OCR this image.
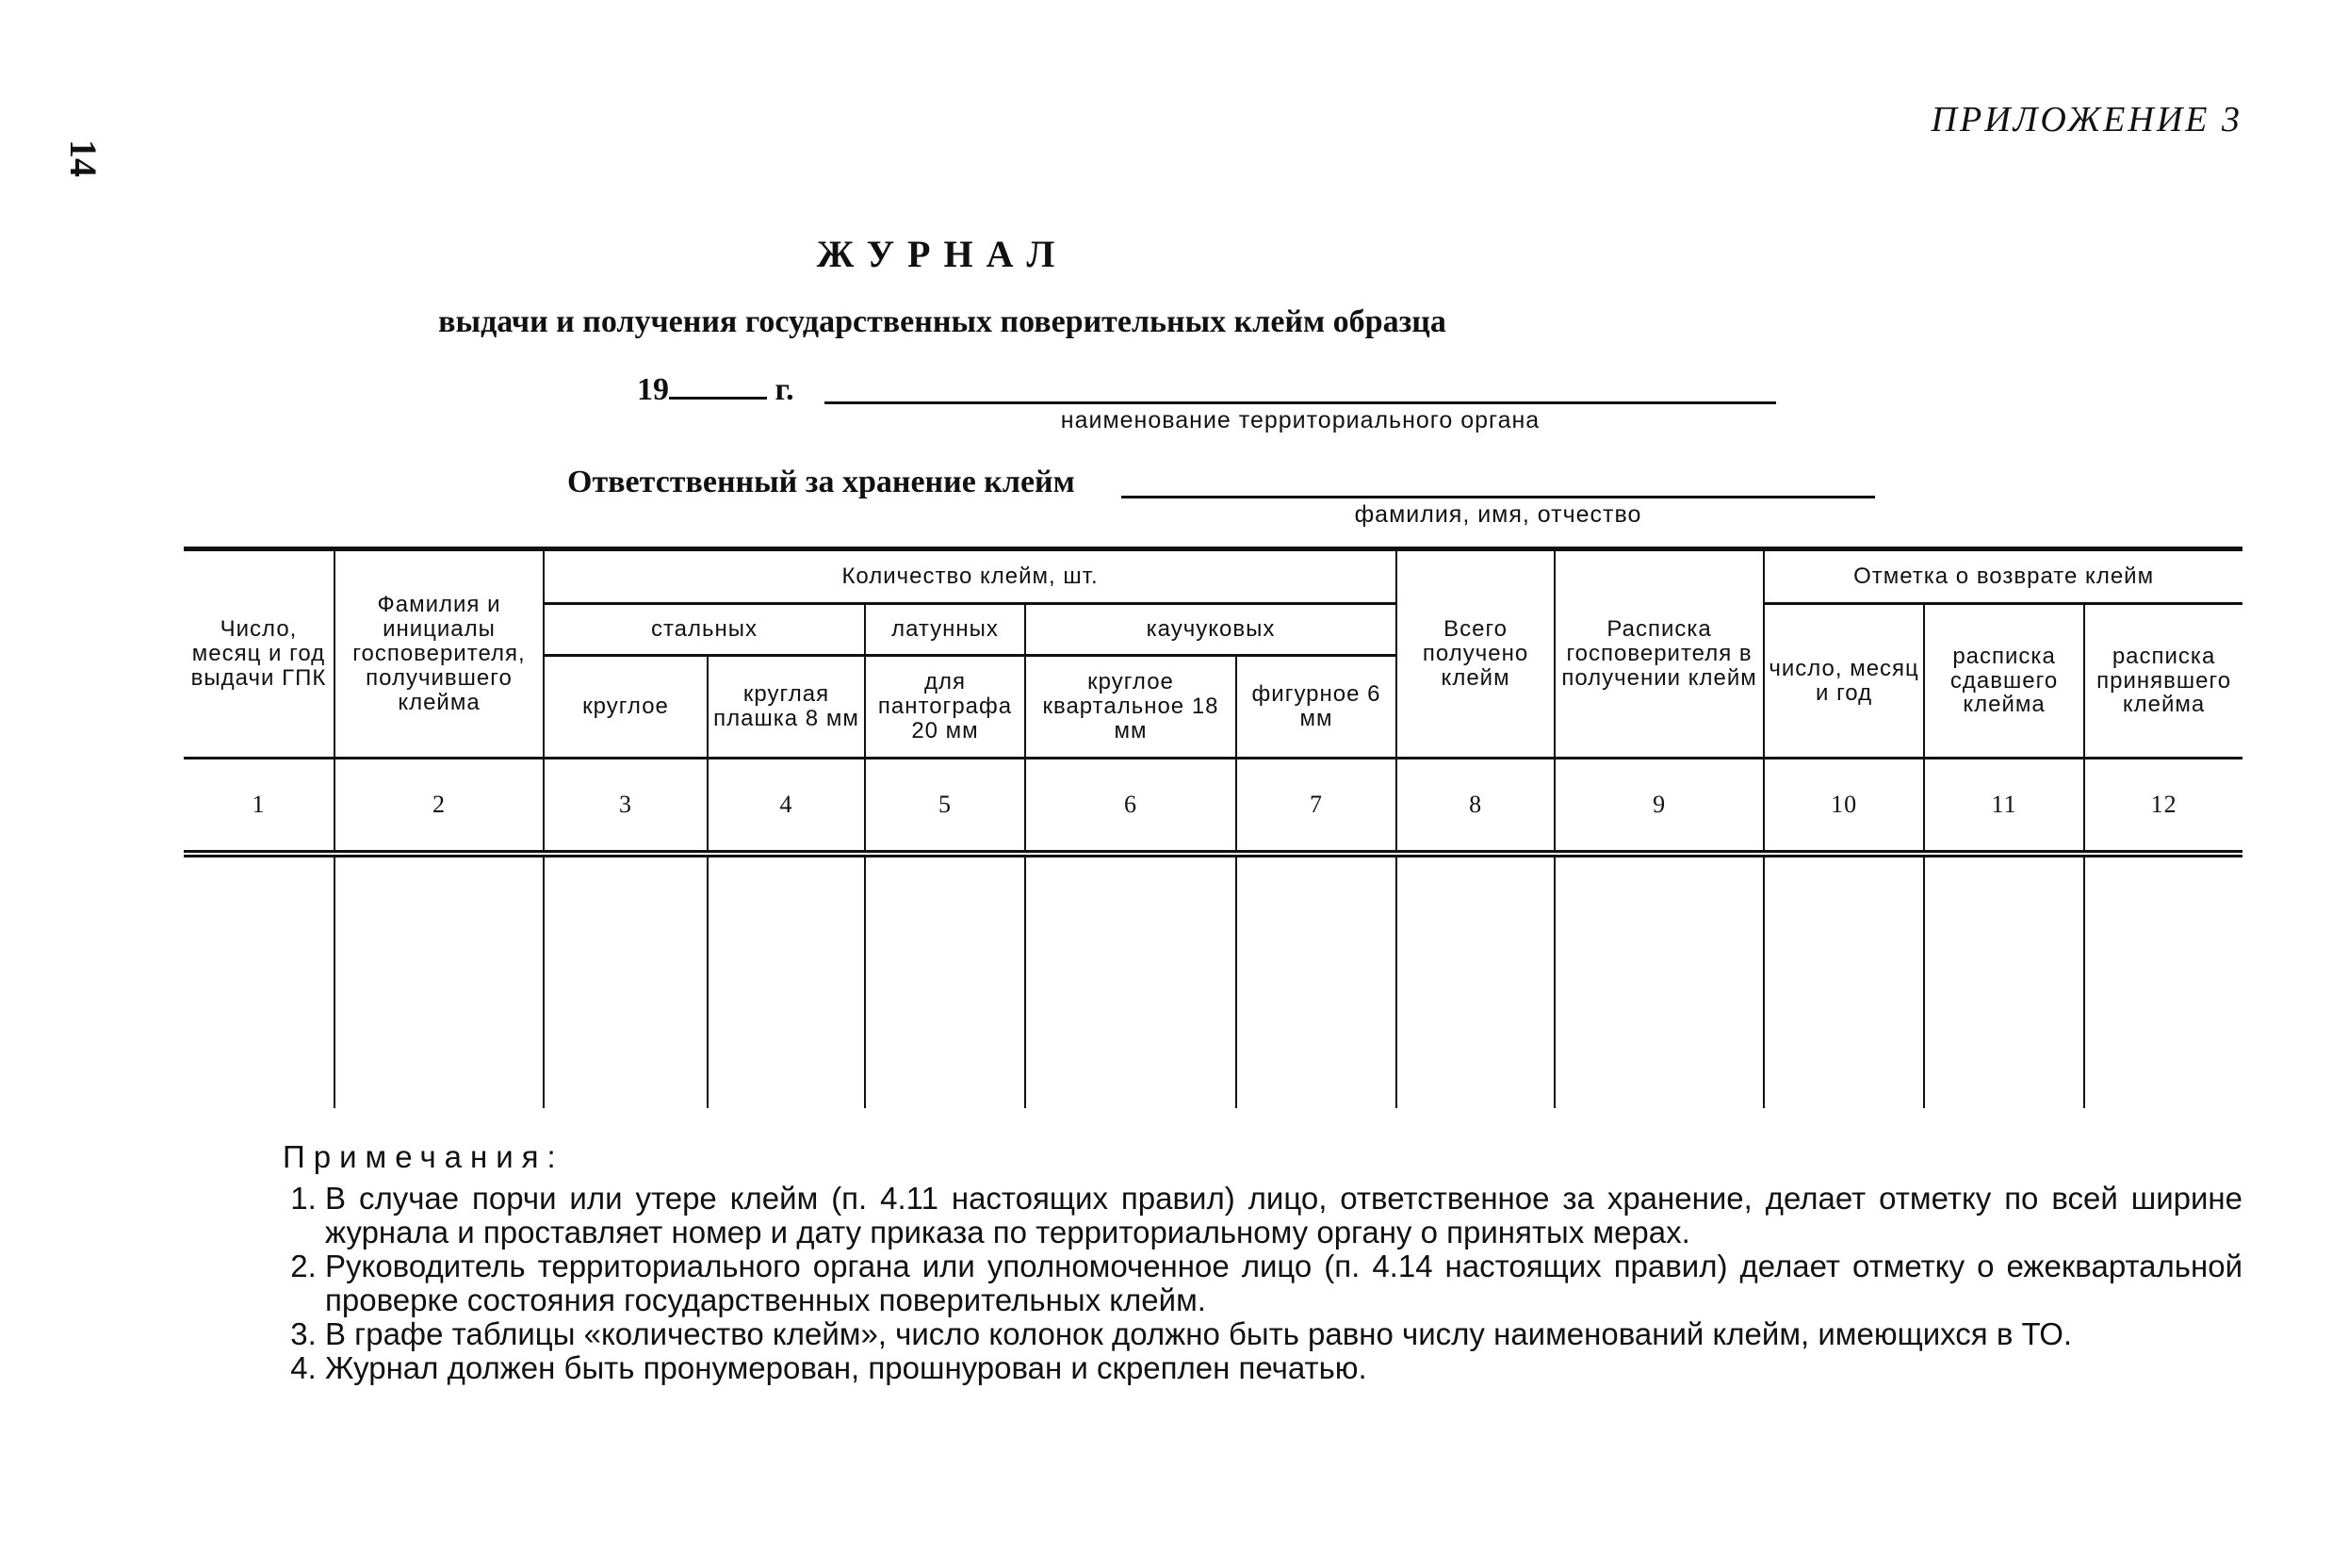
14
ПРИЛОЖЕНИЕ 3
ЖУРНАЛ
выдачи и получения государственных поверительных клейм образца
19	г.
наименование территориального органа
Ответственный за хранение клейм
фамилия, имя, отчество
Число, месяц и год выдачи ГПК	Фамилия и инициалы госповерителя, получившего клейма	Количество клейм, шт.					Всего получено клейм	Расписка госповерителя в получении клейм	Отметка о возврате клейм		
		стальных		латунных	каучуковых				число, месяц и год	расписка сдавшего клейма	расписка принявшего клейма
		круглое	круглая плашка 8 мм	для пантографа 20 мм	круглое квартальное 18 мм	фигурное 6 мм					
1	2	3	4	5	6	7	8	9	10	11	12

Примечания:
1. В случае порчи или утере клейм (п. 4.11 настоящих правил) лицо, ответственное за хранение, делает отметку по всей ширине журнала и проставляет номер и дату приказа по территориальному органу о принятых мерах.
2. Руководитель территориального органа или уполномоченное лицо (п. 4.14 настоящих правил) делает отметку о ежеквартальной проверке состояния государственных поверительных клейм.
3. В графе таблицы «количество клейм», число колонок должно быть равно числу наименований клейм, имеющихся в ТО.
4. Журнал должен быть пронумерован, прошнурован и скреплен печатью.
